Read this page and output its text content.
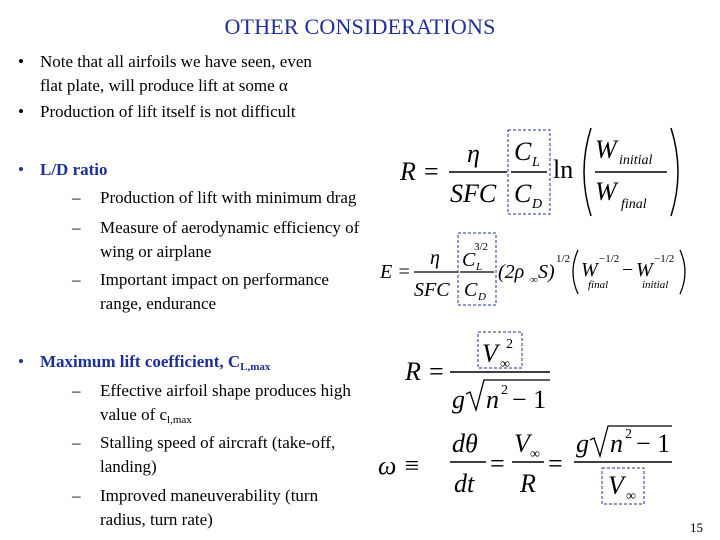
OTHER CONSIDERATIONS
• Note that all airfoils we have seen, even
flat plate, will produce lift at some α
• Production of lift itself is not difficult
• L/D ratio
– Production of lift with minimum drag
– Measure of aerodynamic efficiency of
wing or airplane
– Important impact on performance
range, endurance
• Maximum lift coefficient, $C_{L,max}$
– Effective airfoil shape produces high
value of $c_{l,max}$
– Stalling speed of aircraft (take-off,
landing)
– Improved maneuverability (turn
radius, turn rate)
R =
η
SFC
C L
C D
ln
W initial
W final
E =
η
SFC
C L
3/2
C D
(2ρ ∞ S)
1/2 W
final
−1/2 − W
initial
−1/2
R =
V ∞
2
g n 2 − 1
ω ≡
dθ
dt
=
V ∞
R
=
g n 2 − 1
V ∞
15
